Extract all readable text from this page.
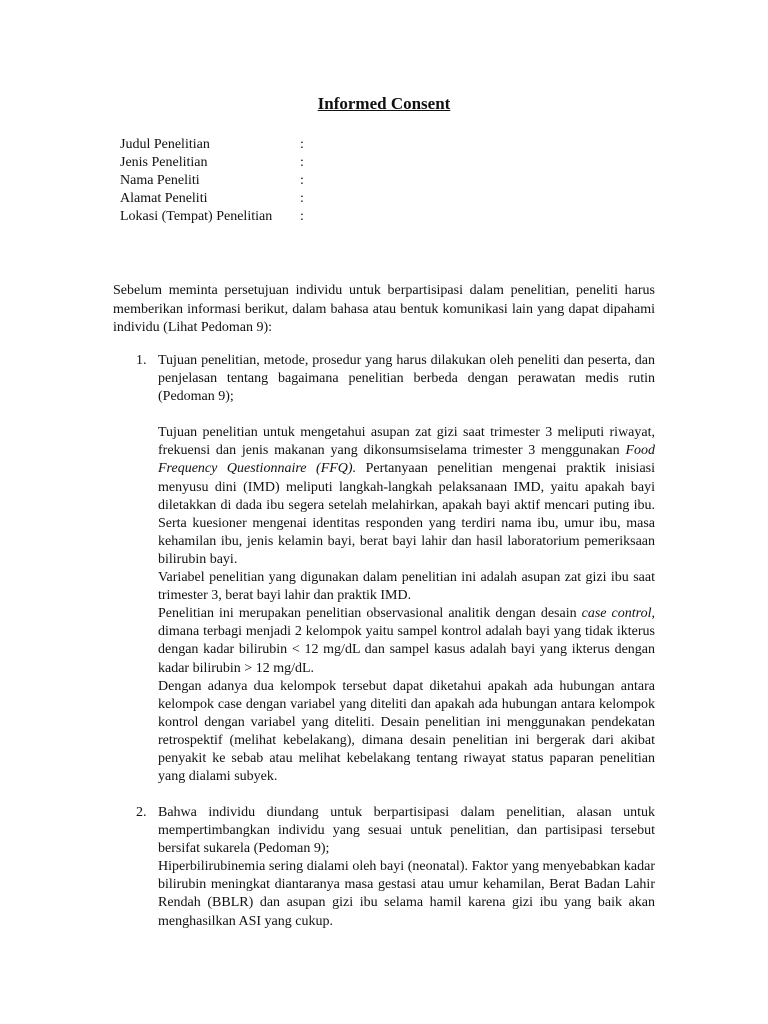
Informed Consent
Judul Penelitian	:
Jenis Penelitian	:
Nama Peneliti	:
Alamat Peneliti	:
Lokasi (Tempat) Penelitian	:
Sebelum meminta persetujuan individu untuk berpartisipasi dalam penelitian, peneliti harus memberikan informasi berikut, dalam bahasa atau bentuk komunikasi lain yang dapat dipahami individu (Lihat Pedoman 9):
1. Tujuan penelitian, metode, prosedur yang harus dilakukan oleh peneliti dan peserta, dan penjelasan tentang bagaimana penelitian berbeda dengan perawatan medis rutin (Pedoman 9);

Tujuan penelitian untuk mengetahui asupan zat gizi saat trimester 3 meliputi riwayat, frekuensi dan jenis makanan yang dikonsumsiselama trimester 3 menggunakan Food Frequency Questionnaire (FFQ). Pertanyaan penelitian mengenai praktik inisiasi menyusu dini (IMD) meliputi langkah-langkah pelaksanaan IMD, yaitu apakah bayi diletakkan di dada ibu segera setelah melahirkan, apakah bayi aktif mencari puting ibu. Serta kuesioner mengenai identitas responden yang terdiri nama ibu, umur ibu, masa kehamilan ibu, jenis kelamin bayi, berat bayi lahir dan hasil laboratorium pemeriksaan bilirubin bayi.

Variabel penelitian yang digunakan dalam penelitian ini adalah asupan zat gizi ibu saat trimester 3, berat bayi lahir dan praktik IMD.

Penelitian ini merupakan penelitian observasional analitik dengan desain case control, dimana terbagi menjadi 2 kelompok yaitu sampel kontrol adalah bayi yang tidak ikterus dengan kadar bilirubin < 12 mg/dL dan sampel kasus adalah bayi yang ikterus dengan kadar bilirubin > 12 mg/dL.

Dengan adanya dua kelompok tersebut dapat diketahui apakah ada hubungan antara kelompok case dengan variabel yang diteliti dan apakah ada hubungan antara kelompok kontrol dengan variabel yang diteliti. Desain penelitian ini menggunakan pendekatan retrospektif (melihat kebelakang), dimana desain penelitian ini bergerak dari akibat penyakit ke sebab atau melihat kebelakang tentang riwayat status paparan penelitian yang dialami subyek.

2. Bahwa individu diundang untuk berpartisipasi dalam penelitian, alasan untuk mempertimbangkan individu yang sesuai untuk penelitian, dan partisipasi tersebut bersifat sukarela (Pedoman 9);

Hiperbilirubinemia sering dialami oleh bayi (neonatal). Faktor yang menyebabkan kadar bilirubin meningkat diantaranya masa gestasi atau umur kehamilan, Berat Badan Lahir Rendah (BBLR) dan asupan gizi ibu selama hamil karena gizi ibu yang baik akan menghasilkan ASI yang cukup.
